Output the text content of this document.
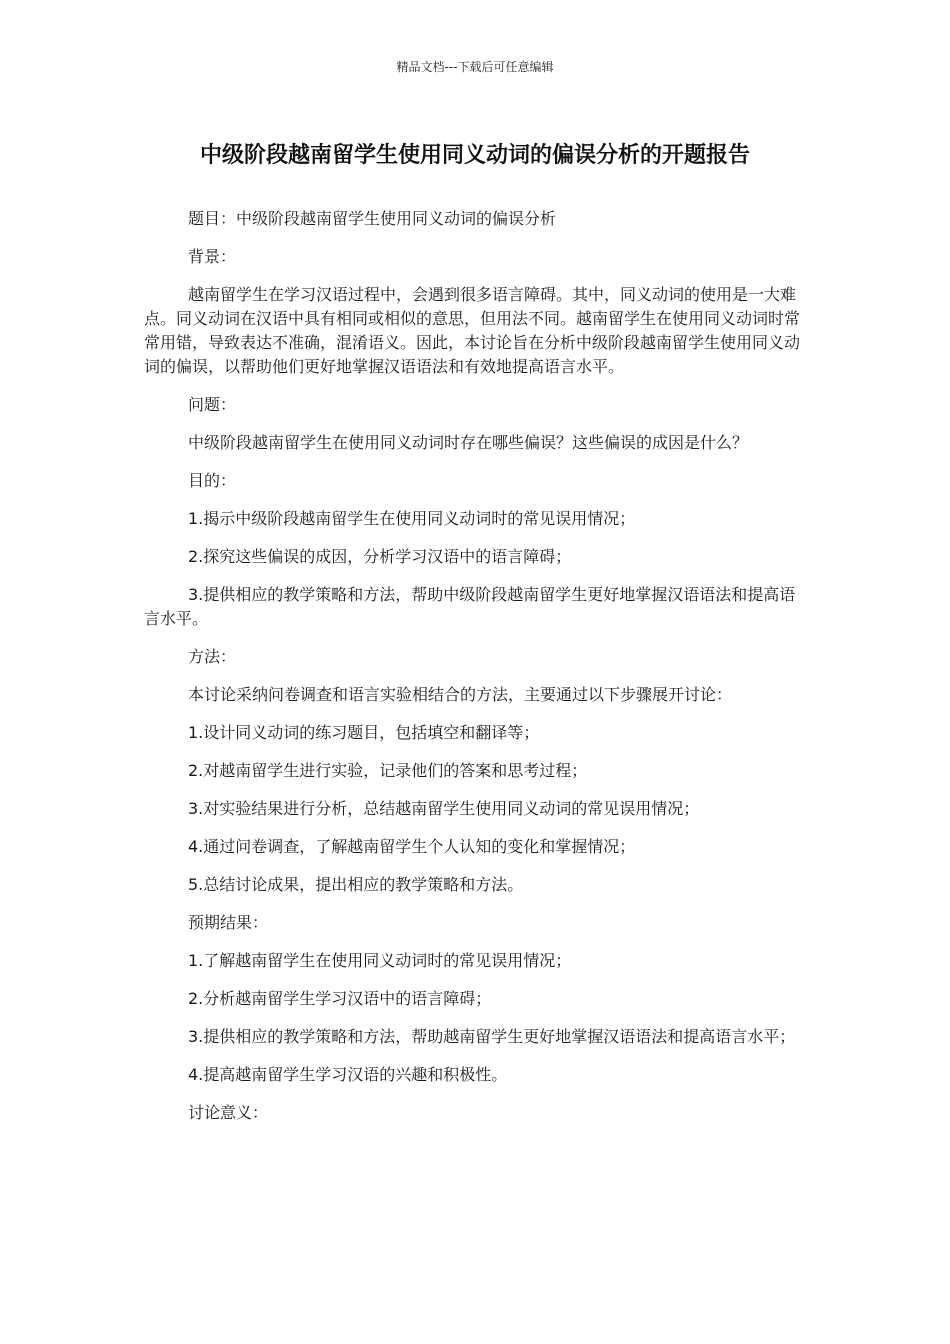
精品文档---下载后可任意编辑
中级阶段越南留学生使用同义动词的偏误分析的开题报告

题目：中级阶段越南留学生使用同义动词的偏误分析

背景：

越南留学生在学习汉语过程中，会遇到很多语言障碍。其中，同义动词的使用是一大难点。同义动词在汉语中具有相同或相似的意思，但用法不同。越南留学生在使用同义动词时常常用错，导致表达不准确，混淆语义。因此，本讨论旨在分析中级阶段越南留学生使用同义动词的偏误，以帮助他们更好地掌握汉语语法和有效地提高语言水平。

问题：

中级阶段越南留学生在使用同义动词时存在哪些偏误？这些偏误的成因是什么？

目的：

1.揭示中级阶段越南留学生在使用同义动词时的常见误用情况；

2.探究这些偏误的成因，分析学习汉语中的语言障碍；

3.提供相应的教学策略和方法，帮助中级阶段越南留学生更好地掌握汉语语法和提高语言水平。

方法：

本讨论采纳问卷调查和语言实验相结合的方法，主要通过以下步骤展开讨论：

1.设计同义动词的练习题目，包括填空和翻译等；

2.对越南留学生进行实验，记录他们的答案和思考过程；

3.对实验结果进行分析，总结越南留学生使用同义动词的常见误用情况；

4.通过问卷调查，了解越南留学生个人认知的变化和掌握情况；

5.总结讨论成果，提出相应的教学策略和方法。

预期结果：

1.了解越南留学生在使用同义动词时的常见误用情况；

2.分析越南留学生学习汉语中的语言障碍；

3.提供相应的教学策略和方法，帮助越南留学生更好地掌握汉语语法和提高语言水平；

4.提高越南留学生学习汉语的兴趣和积极性。

讨论意义：
